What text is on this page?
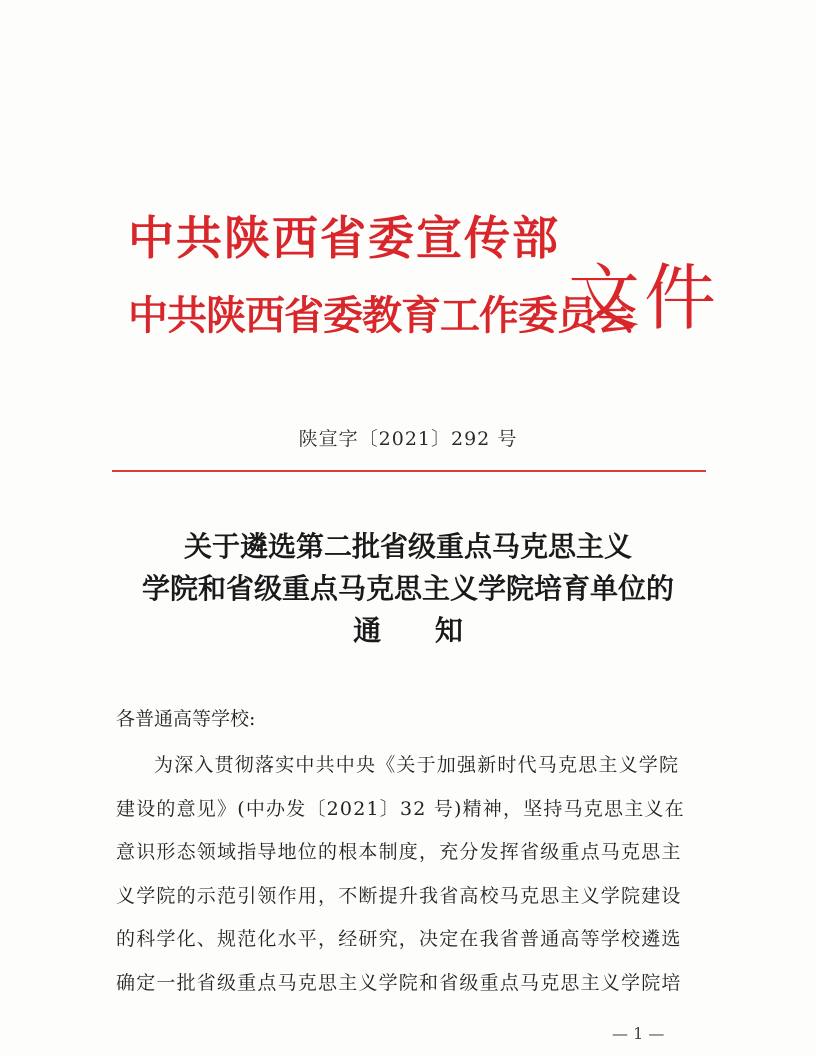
中共陕西省委宣传部
中共陕西省委教育工作委员会
文件
陕宣字〔2021〕292 号
关于遴选第二批省级重点马克思主义
学院和省级重点马克思主义学院培育单位的
通 知
各普通高等学校:
为深入贯彻落实中共中央《关于加强新时代马克思主义学院
建设的意见》(中办发〔2021〕32 号)精神，坚持马克思主义在
意识形态领域指导地位的根本制度，充分发挥省级重点马克思主
义学院的示范引领作用，不断提升我省高校马克思主义学院建设
的科学化、规范化水平，经研究，决定在我省普通高等学校遴选
确定一批省级重点马克思主义学院和省级重点马克思主义学院培
— 1 —
